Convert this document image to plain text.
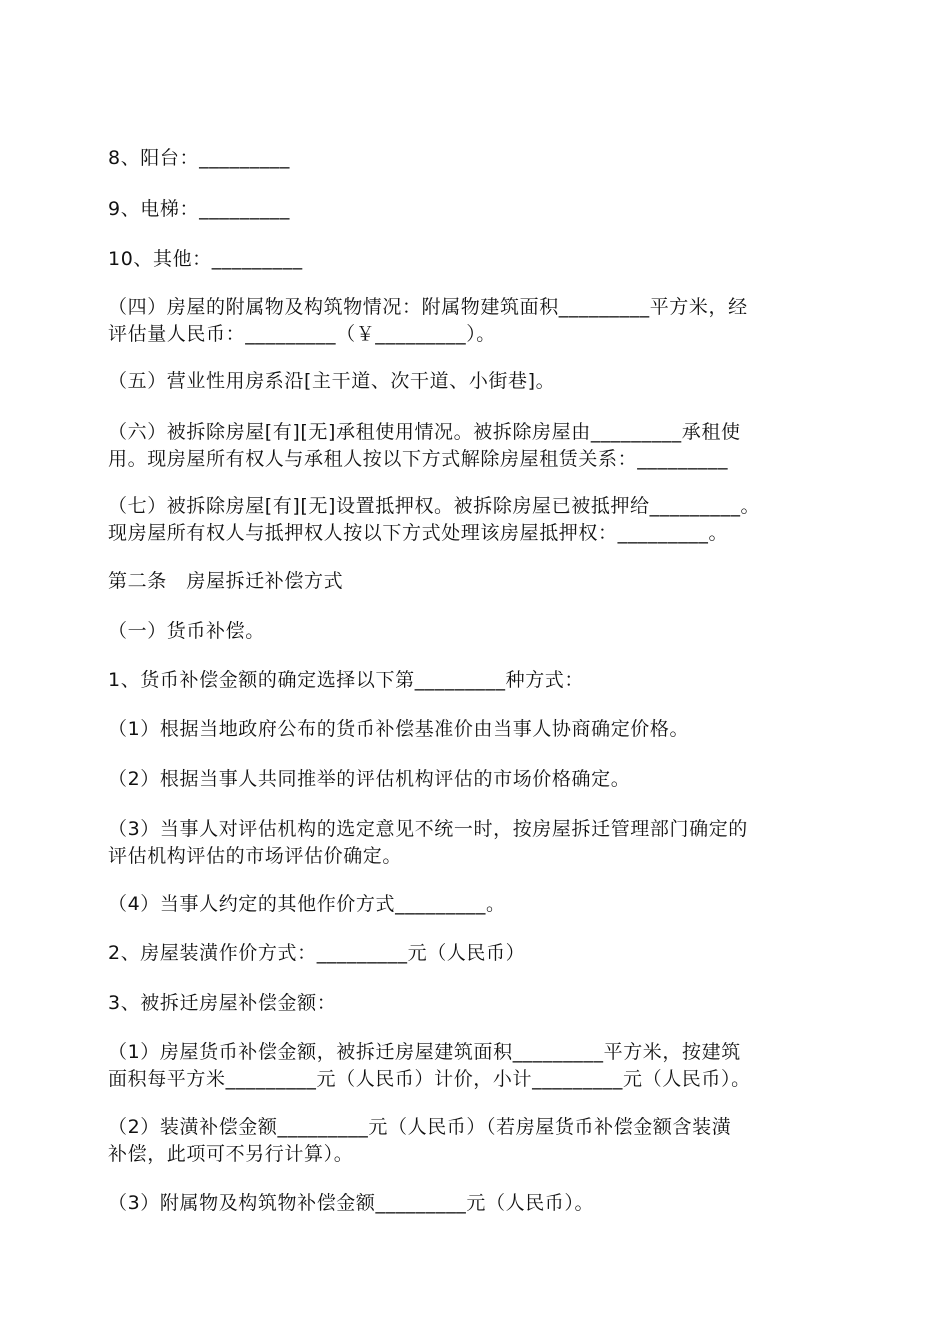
8、阳台：_________
9、电梯：_________
10、其他：_________
（四）房屋的附属物及构筑物情况：附属物建筑面积_________平方米，经
评估量人民币：_________（￥_________）。
（五）营业性用房系沿[主干道、次干道、小街巷]。
（六）被拆除房屋[有][无]承租使用情况。被拆除房屋由_________承租使
用。现房屋所有权人与承租人按以下方式解除房屋租赁关系：_________
（七）被拆除房屋[有][无]设置抵押权。被拆除房屋已被抵押给_________。
现房屋所有权人与抵押权人按以下方式处理该房屋抵押权：_________。
第二条　房屋拆迁补偿方式
（一）货币补偿。
1、货币补偿金额的确定选择以下第_________种方式：
（1）根据当地政府公布的货币补偿基准价由当事人协商确定价格。
（2）根据当事人共同推举的评估机构评估的市场价格确定。
（3）当事人对评估机构的选定意见不统一时，按房屋拆迁管理部门确定的
评估机构评估的市场评估价确定。
（4）当事人约定的其他作价方式_________。
2、房屋装潢作价方式：_________元（人民币）
3、被拆迁房屋补偿金额：
（1）房屋货币补偿金额，被拆迁房屋建筑面积_________平方米，按建筑
面积每平方米_________元（人民币）计价，小计_________元（人民币）。
（2）装潢补偿金额_________元（人民币）（若房屋货币补偿金额含装潢
补偿，此项可不另行计算）。
（3）附属物及构筑物补偿金额_________元（人民币）。
